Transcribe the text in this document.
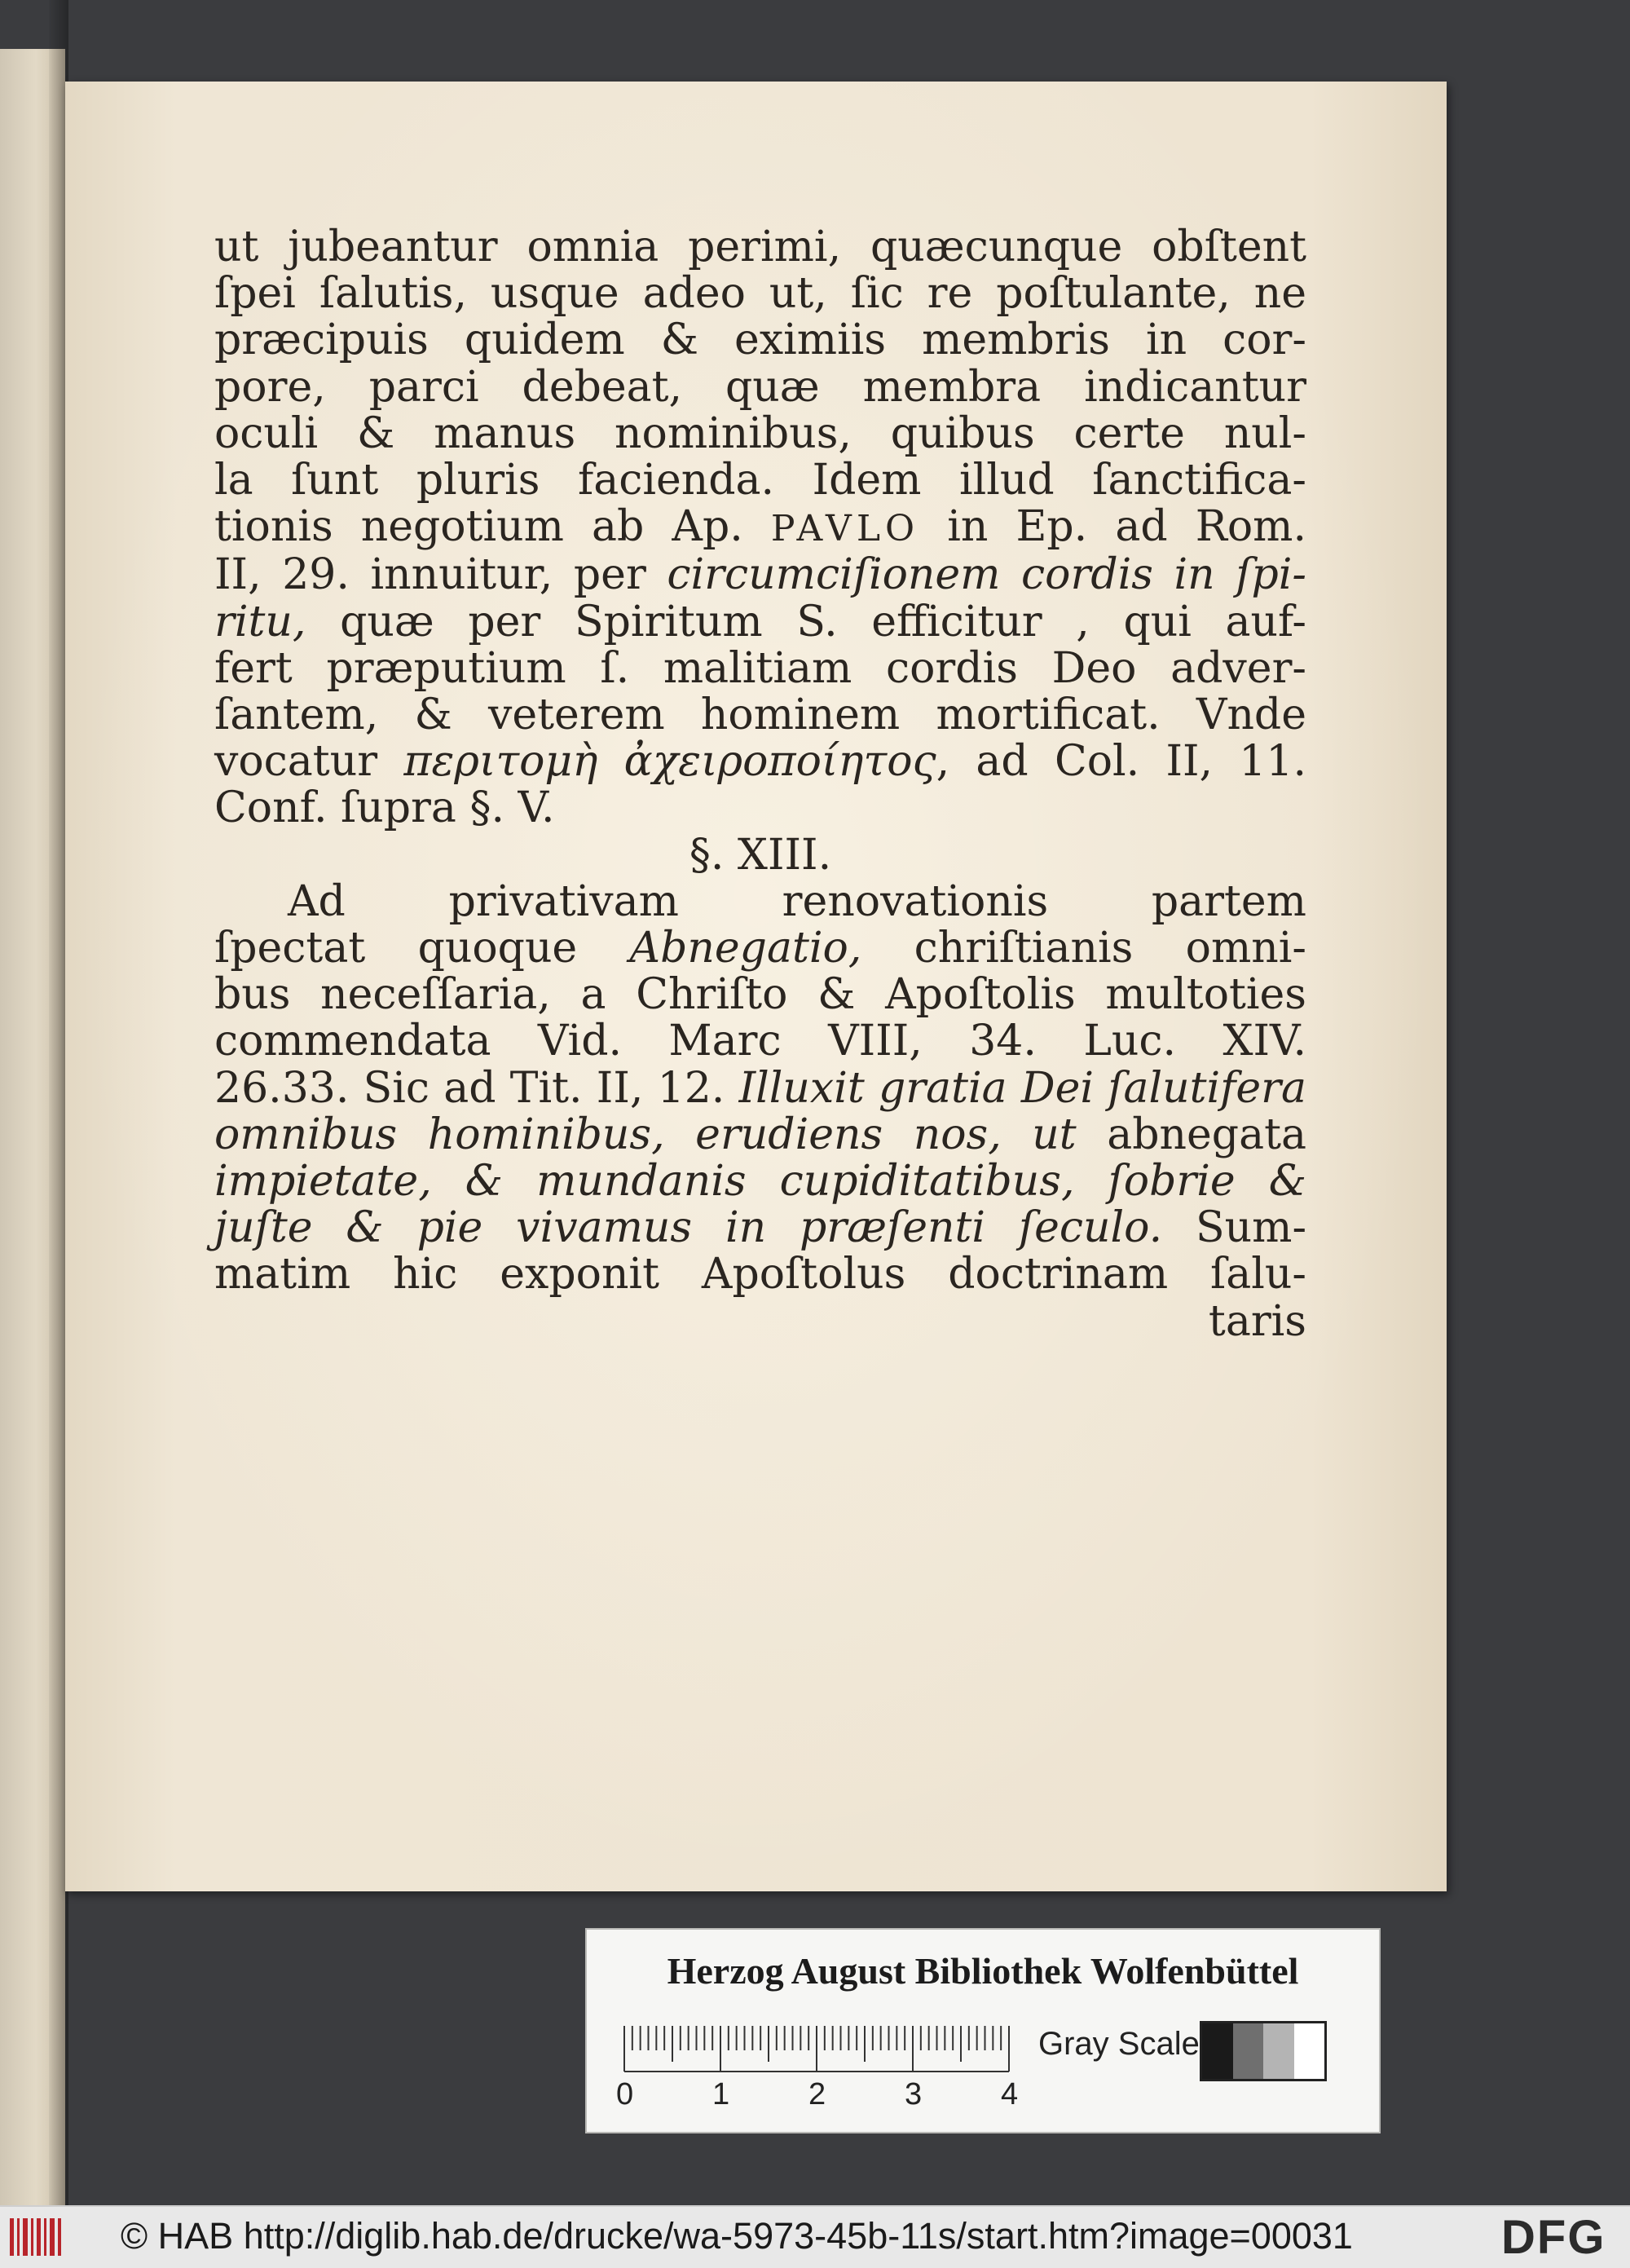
ut jubeantur omnia perimi, quæcunque obſtent
ſpei ſalutis, usque adeo ut, ſic re poſtulante, ne
præcipuis quidem & eximiis membris in cor-
pore, parci debeat, quæ membra indicantur
oculi & manus nominibus, quibus certe nul-
la ſunt pluris facienda. Idem illud ſanctifica-
tionis negotium ab Ap. PAVLO in Ep. ad Rom.
II, 29. innuitur, per circumciſionem cordis in ſpi-
ritu, quæ per Spiritum S. efficitur , qui auf-
fert præputium ſ. malitiam cordis Deo adver-
ſantem, & veterem hominem mortificat. Vnde
vocatur περιτομὴ ἀχειροποίητος, ad Col. II, 11.
Conf. ſupra §. V.
§. XIII.
Ad privativam renovationis partem
ſpectat quoque Abnegatio, chriſtianis omni-
bus neceſſaria, a Chriſto & Apoſtolis multoties
commendata Vid. Marc VIII, 34. Luc. XIV.
26.33. Sic ad Tit. II, 12. Illuxit gratia Dei ſalutifera
omnibus hominibus, erudiens nos, ut abnegata
impietate, & mundanis cupiditatibus, ſobrie &
juſte & pie vivamus in præſenti ſeculo. Sum-
matim hic exponit Apoſtolus doctrinam ſalu-
taris
Herzog August Bibliothek Wolfenbüttel
0	1	2	3	4
Gray Scale
© HAB http://diglib.hab.de/drucke/wa-5973-45b-11s/start.htm?image=00031	DFG
